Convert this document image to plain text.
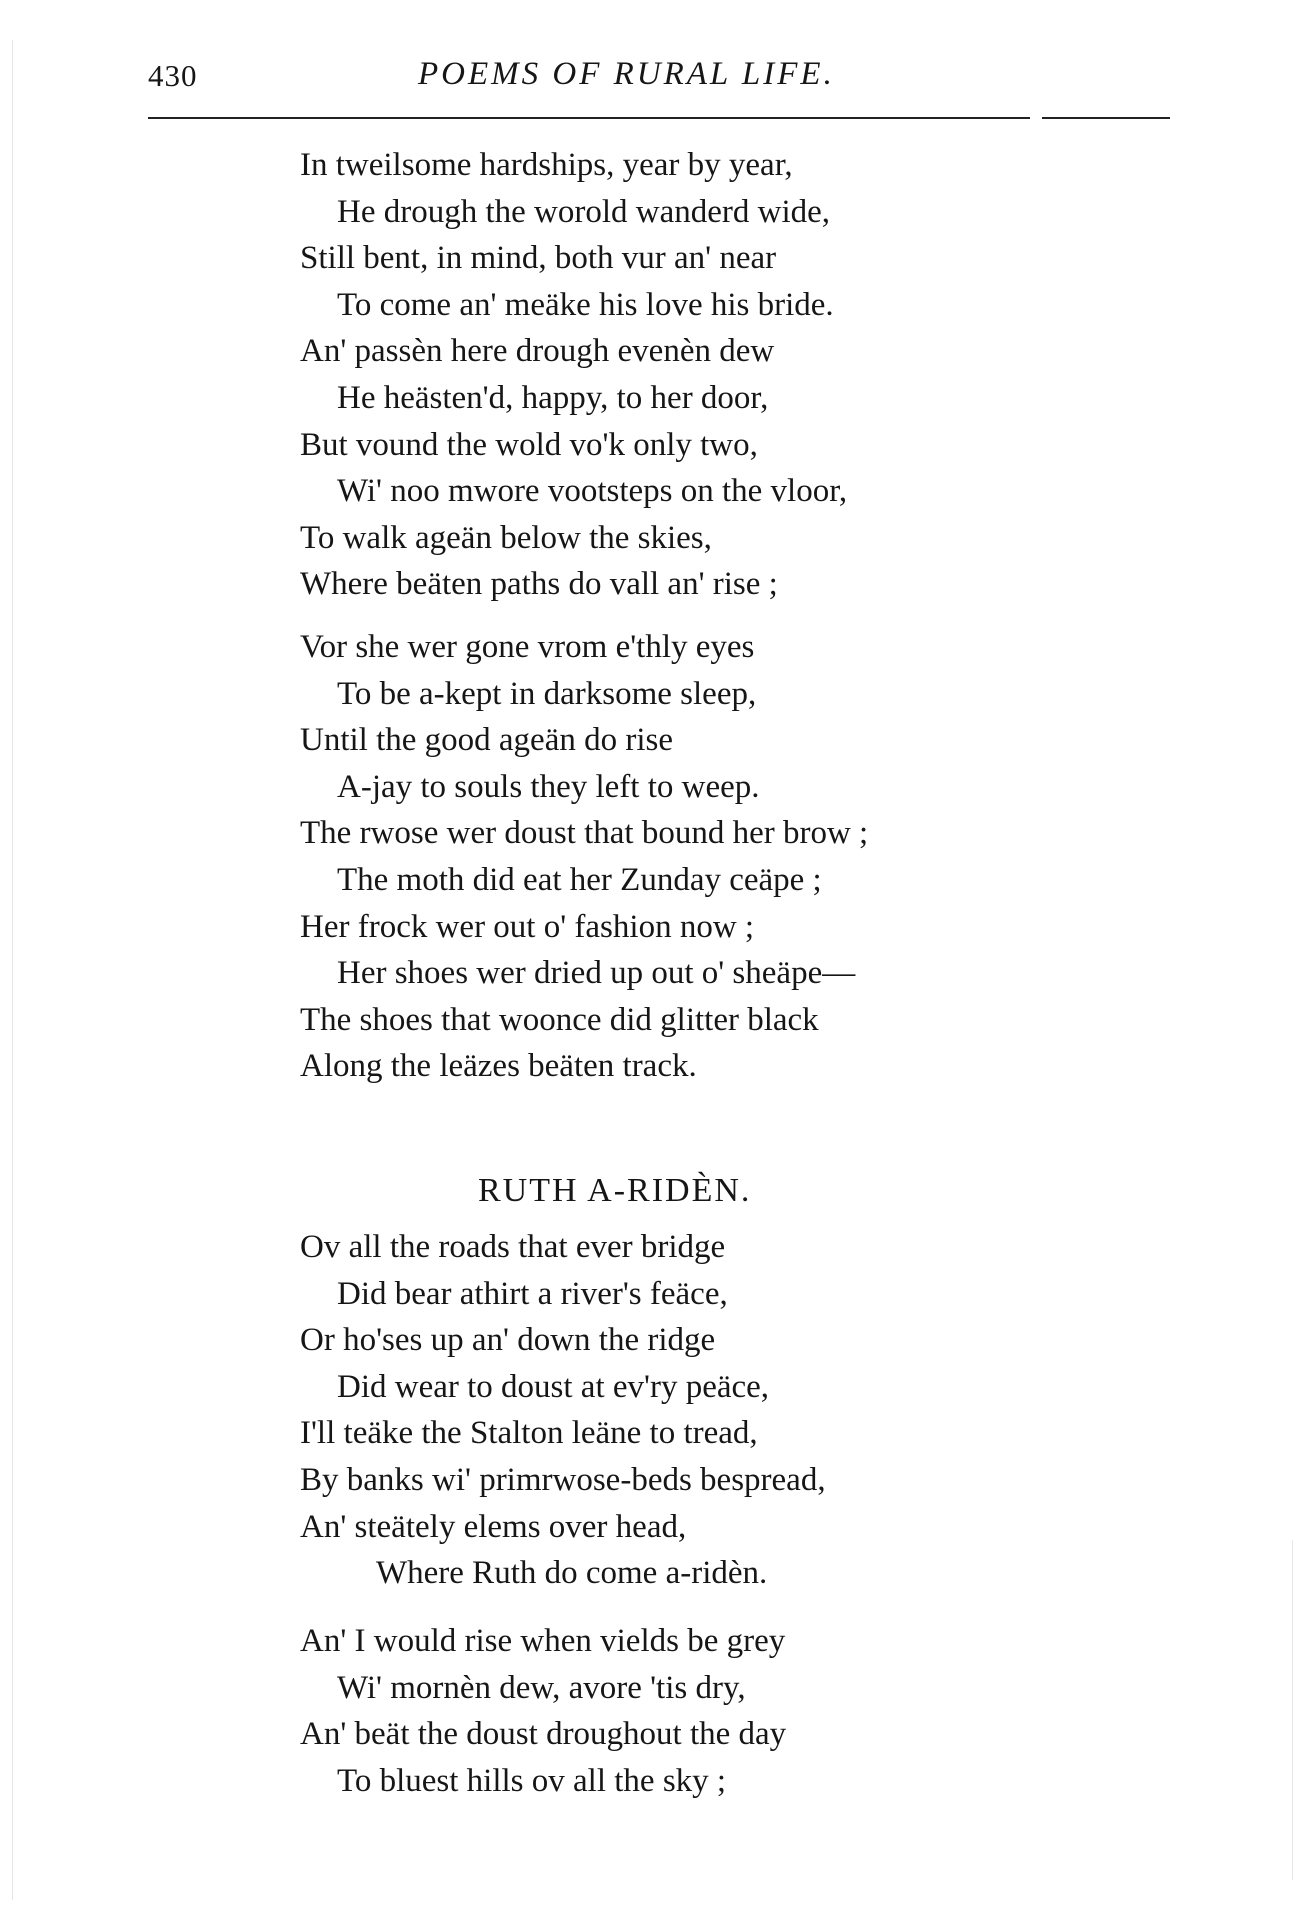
430	POEMS OF RURAL LIFE.
In tweilsome hardships, year by year,
He drough the worold wanderd wide,
Still bent, in mind, both vur an' near
To come an' meäke his love his bride.
An' passèn here drough evenèn dew
He heästen'd, happy, to her door,
But vound the wold vo'k only two,
Wi' noo mwore vootsteps on the vloor,
To walk ageän below the skies,
Where beäten paths do vall an' rise ;
Vor she wer gone vrom e'thly eyes
To be a-kept in darksome sleep,
Until the good ageän do rise
A-jay to souls they left to weep.
The rwose wer doust that bound her brow ;
The moth did eat her Zunday ceäpe ;
Her frock wer out o' fashion now ;
Her shoes wer dried up out o' sheäpe—
The shoes that woonce did glitter black
Along the leäzes beäten track.
RUTH A-RIDÈN.
Ov all the roads that ever bridge
Did bear athirt a river's feäce,
Or ho'ses up an' down the ridge
Did wear to doust at ev'ry peäce,
I'll teäke the Stalton leäne to tread,
By banks wi' primrwose-beds bespread,
An' steätely elems over head,
Where Ruth do come a-ridèn.
An' I would rise when vields be grey
Wi' mornèn dew, avore 'tis dry,
An' beät the doust droughout the day
To bluest hills ov all the sky ;
